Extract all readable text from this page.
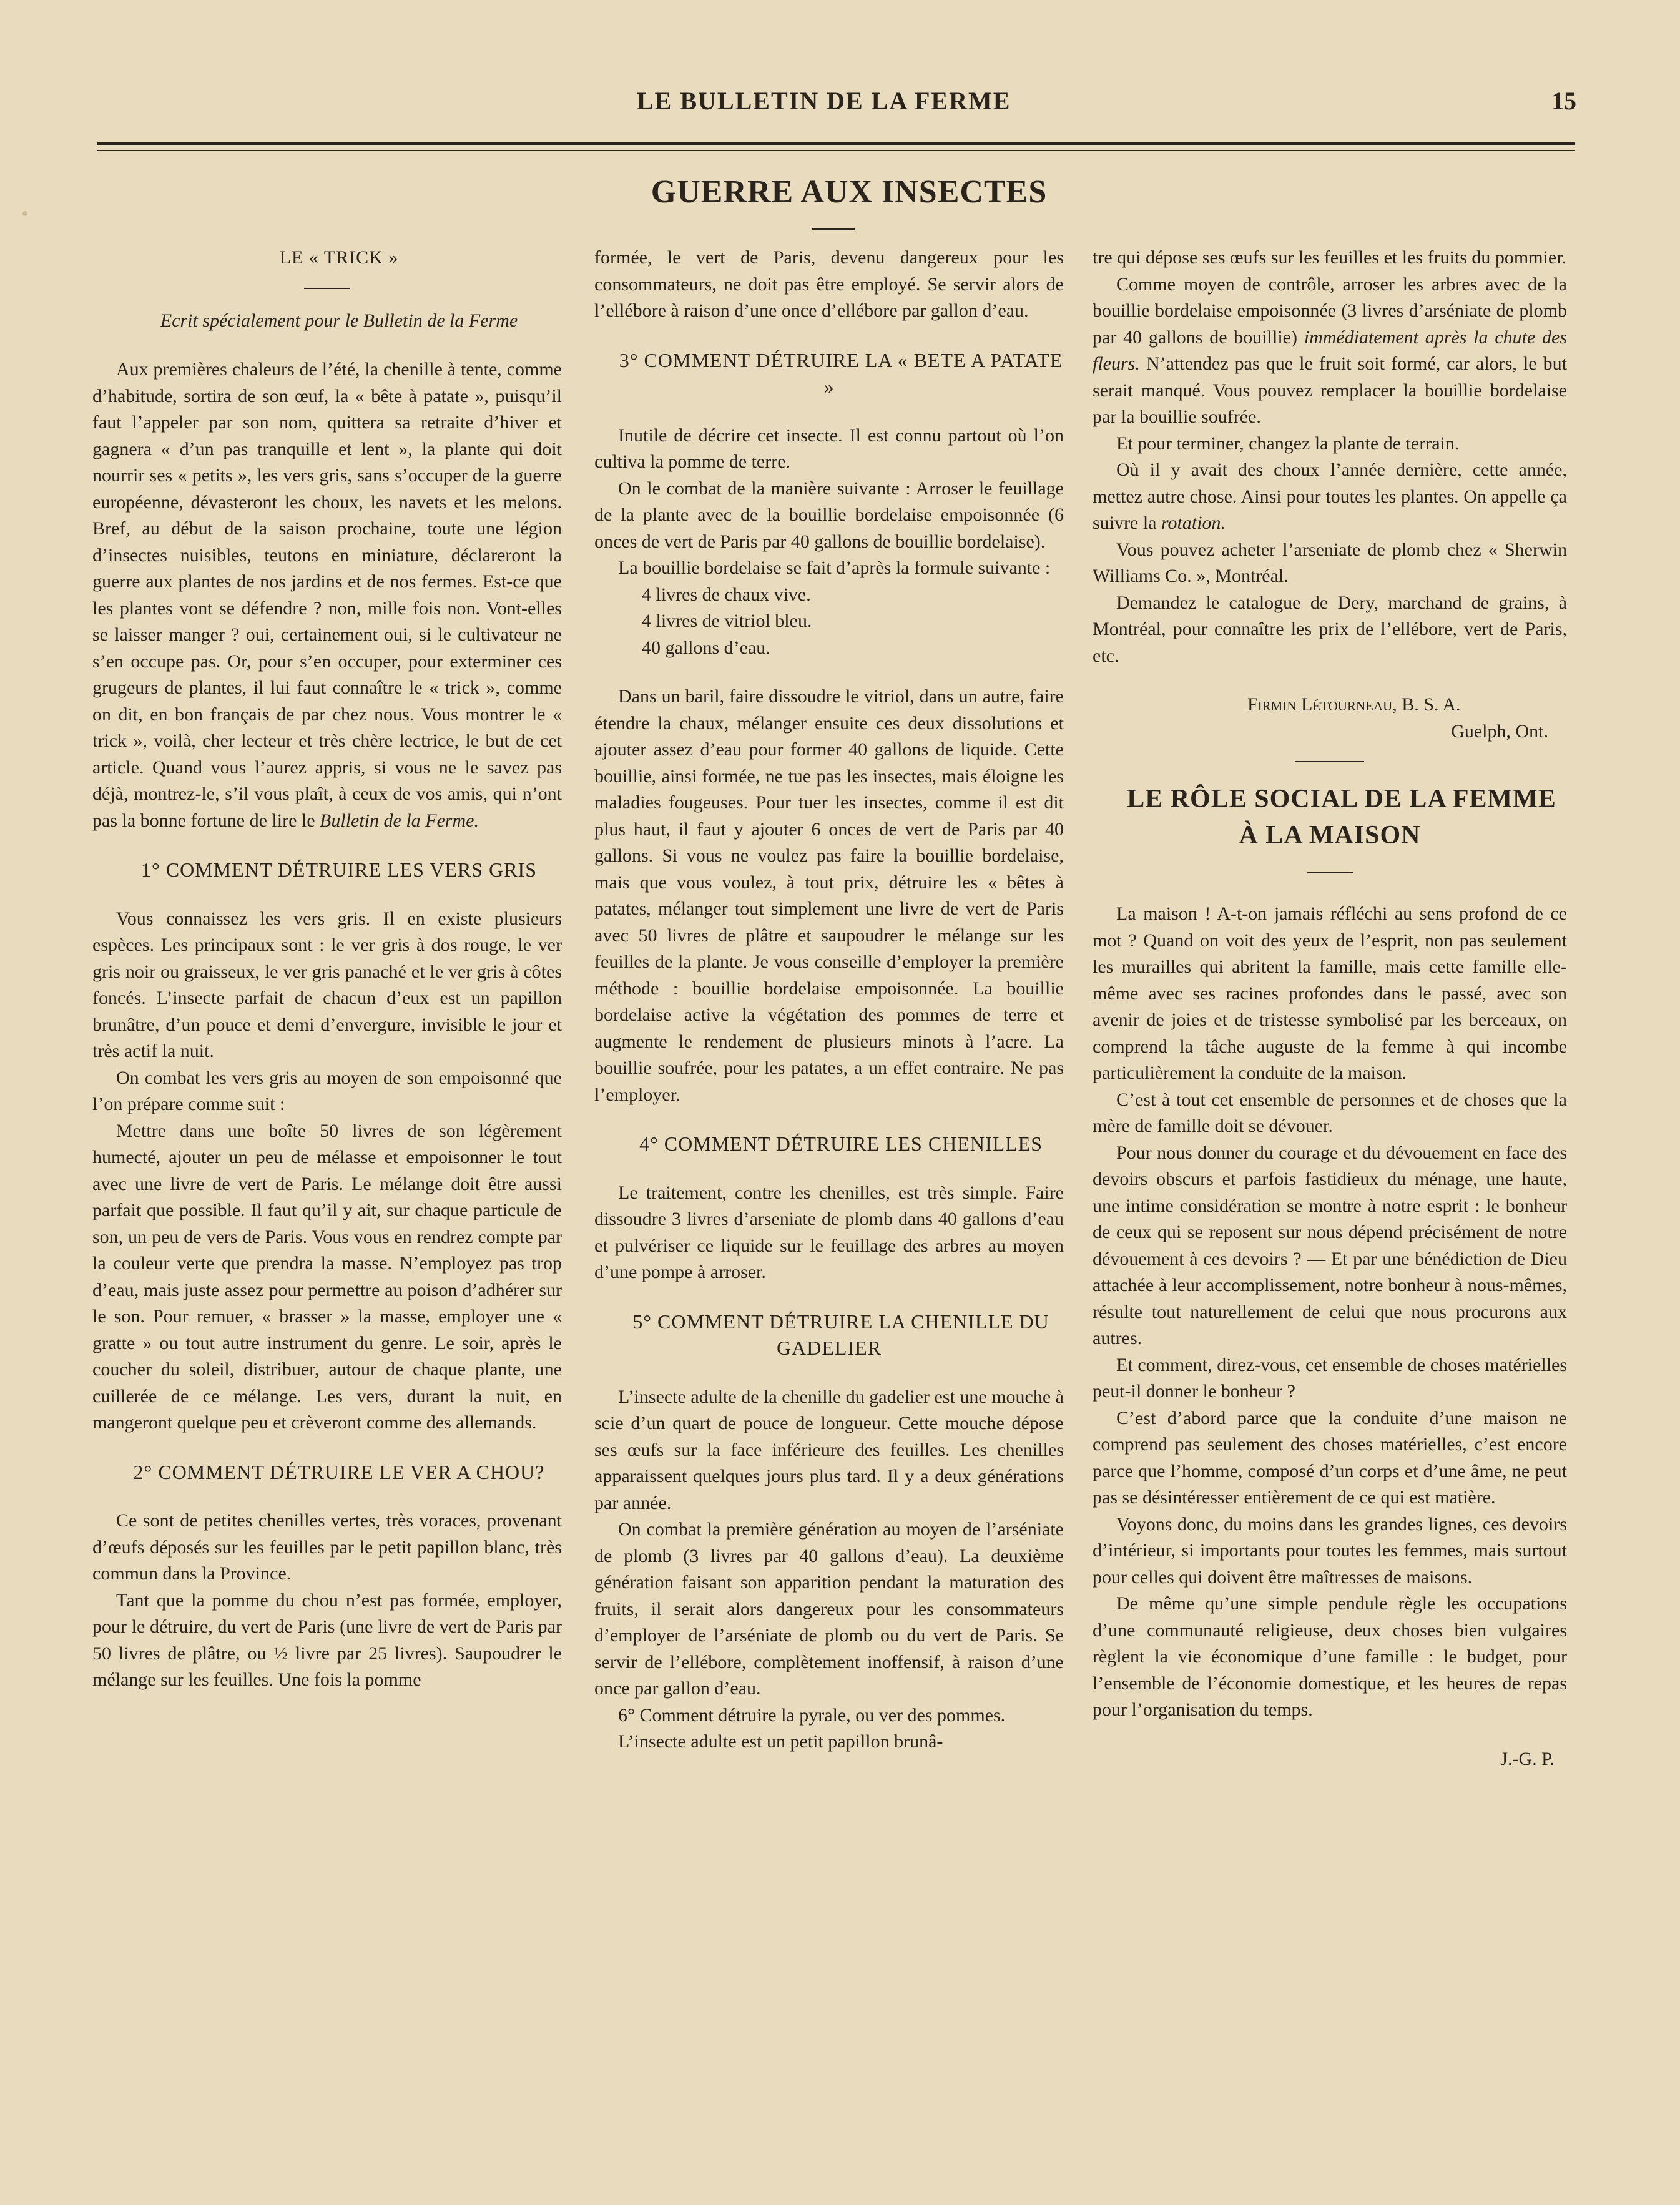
LE BULLETIN DE LA FERME	15
GUERRE AUX INSECTES

LE « TRICK »

Ecrit spécialement pour le Bulletin de la Ferme

Aux premières chaleurs de l’été, la chenille à tente, comme d’habitude, sortira de son œuf, la « bête à patate », puisqu’il faut l’appeler par son nom, quittera sa retraite d’hiver et gagnera « d’un pas tranquille et lent », la plante qui doit nourrir ses « petits », les vers gris, sans s’occuper de la guerre européenne, dévasteront les choux, les navets et les melons. Bref, au début de la saison prochaine, toute une légion d’insectes nuisibles, teutons en miniature, déclareront la guerre aux plantes de nos jardins et de nos fermes. Est-ce que les plantes vont se défendre ? non, mille fois non. Vont-elles se laisser manger ? oui, certainement oui, si le cultivateur ne s’en occupe pas. Or, pour s’en occuper, pour exterminer ces grugeurs de plantes, il lui faut connaître le « trick », comme on dit, en bon français de par chez nous. Vous montrer le « trick », voilà, cher lecteur et très chère lectrice, le but de cet article. Quand vous l’aurez appris, si vous ne le savez pas déjà, montrez-le, s’il vous plaît, à ceux de vos amis, qui n’ont pas la bonne fortune de lire le Bulletin de la Ferme.

1° COMMENT DÉTRUIRE LES VERS GRIS

Vous connaissez les vers gris. Il en existe plusieurs espèces. Les principaux sont : le ver gris à dos rouge, le ver gris noir ou graisseux, le ver gris panaché et le ver gris à côtes foncés. L’insecte parfait de chacun d’eux est un papillon brunâtre, d’un pouce et demi d’envergure, invisible le jour et très actif la nuit.

On combat les vers gris au moyen de son empoisonné que l’on prépare comme suit :

Mettre dans une boîte 50 livres de son légèrement humecté, ajouter un peu de mélasse et empoisonner le tout avec une livre de vert de Paris. Le mélange doit être aussi parfait que possible. Il faut qu’il y ait, sur chaque particule de son, un peu de vers de Paris. Vous vous en rendrez compte par la couleur verte que prendra la masse. N’employez pas trop d’eau, mais juste assez pour permettre au poison d’adhérer sur le son. Pour remuer, « brasser » la masse, employer une « gratte » ou tout autre instrument du genre. Le soir, après le coucher du soleil, distribuer, autour de chaque plante, une cuillerée de ce mélange. Les vers, durant la nuit, en mangeront quelque peu et crèveront comme des allemands.

2° COMMENT DÉTRUIRE LE VER A CHOU?

Ce sont de petites chenilles vertes, très voraces, provenant d’œufs déposés sur les feuilles par le petit papillon blanc, très commun dans la Province.

Tant que la pomme du chou n’est pas formée, employer, pour le détruire, du vert de Paris (une livre de vert de Paris par 50 livres de plâtre, ou ½ livre par 25 livres). Saupoudrer le mélange sur les feuilles. Une fois la pomme

formée, le vert de Paris, devenu dangereux pour les consommateurs, ne doit pas être employé. Se servir alors de l’ellébore à raison d’une once d’ellébore par gallon d’eau.

3° COMMENT DÉTRUIRE LA « BETE A PATATE »

Inutile de décrire cet insecte. Il est connu partout où l’on cultiva la pomme de terre.

On le combat de la manière suivante : Arroser le feuillage de la plante avec de la bouillie bordelaise empoisonnée (6 onces de vert de Paris par 40 gallons de bouillie bordelaise).

La bouillie bordelaise se fait d’après la formule suivante :

4 livres de chaux vive.

4 livres de vitriol bleu.

40 gallons d’eau.

Dans un baril, faire dissoudre le vitriol, dans un autre, faire étendre la chaux, mélanger ensuite ces deux dissolutions et ajouter assez d’eau pour former 40 gallons de liquide. Cette bouillie, ainsi formée, ne tue pas les insectes, mais éloigne les maladies fougeuses. Pour tuer les insectes, comme il est dit plus haut, il faut y ajouter 6 onces de vert de Paris par 40 gallons. Si vous ne voulez pas faire la bouillie bordelaise, mais que vous voulez, à tout prix, détruire les « bêtes à patates, mélanger tout simplement une livre de vert de Paris avec 50 livres de plâtre et saupoudrer le mélange sur les feuilles de la plante. Je vous conseille d’employer la première méthode : bouillie bordelaise empoisonnée. La bouillie bordelaise active la végétation des pommes de terre et augmente le rendement de plusieurs minots à l’acre. La bouillie soufrée, pour les patates, a un effet contraire. Ne pas l’employer.

4° COMMENT DÉTRUIRE LES CHENILLES

Le traitement, contre les chenilles, est très simple. Faire dissoudre 3 livres d’arseniate de plomb dans 40 gallons d’eau et pulvériser ce liquide sur le feuillage des arbres au moyen d’une pompe à arroser.

5° COMMENT DÉTRUIRE LA CHENILLE DU GADELIER

L’insecte adulte de la chenille du gadelier est une mouche à scie d’un quart de pouce de longueur. Cette mouche dépose ses œufs sur la face inférieure des feuilles. Les chenilles apparaissent quelques jours plus tard. Il y a deux générations par année.

On combat la première génération au moyen de l’arséniate de plomb (3 livres par 40 gallons d’eau). La deuxième génération faisant son apparition pendant la maturation des fruits, il serait alors dangereux pour les consommateurs d’employer de l’arséniate de plomb ou du vert de Paris. Se servir de l’ellébore, complètement inoffensif, à raison d’une once par gallon d’eau.

6° Comment détruire la pyrale, ou ver des pommes.

L’insecte adulte est un petit papillon brunâ-

tre qui dépose ses œufs sur les feuilles et les fruits du pommier.

Comme moyen de contrôle, arroser les arbres avec de la bouillie bordelaise empoisonnée (3 livres d’arséniate de plomb par 40 gallons de bouillie) immédiatement après la chute des fleurs. N’attendez pas que le fruit soit formé, car alors, le but serait manqué. Vous pouvez remplacer la bouillie bordelaise par la bouillie soufrée.

Et pour terminer, changez la plante de terrain.

Où il y avait des choux l’année dernière, cette année, mettez autre chose. Ainsi pour toutes les plantes. On appelle ça suivre la rotation.

Vous pouvez acheter l’arseniate de plomb chez « Sherwin Williams Co. », Montréal.

Demandez le catalogue de Dery, marchand de grains, à Montréal, pour connaître les prix de l’ellébore, vert de Paris, etc.

Firmin Létourneau, B. S. A.

Guelph, Ont.

LE RÔLE SOCIAL DE LA FEMME
À LA MAISON

La maison ! A-t-on jamais réfléchi au sens profond de ce mot ? Quand on voit des yeux de l’esprit, non pas seulement les murailles qui abritent la famille, mais cette famille elle-même avec ses racines profondes dans le passé, avec son avenir de joies et de tristesse symbolisé par les berceaux, on comprend la tâche auguste de la femme à qui incombe particulièrement la conduite de la maison.

C’est à tout cet ensemble de personnes et de choses que la mère de famille doit se dévouer.

Pour nous donner du courage et du dévouement en face des devoirs obscurs et parfois fastidieux du ménage, une haute, une intime considération se montre à notre esprit : le bonheur de ceux qui se reposent sur nous dépend précisément de notre dévouement à ces devoirs ? — Et par une bénédiction de Dieu attachée à leur accomplissement, notre bonheur à nous-mêmes, résulte tout naturellement de celui que nous procurons aux autres.

Et comment, direz-vous, cet ensemble de choses matérielles peut-il donner le bonheur ?

C’est d’abord parce que la conduite d’une maison ne comprend pas seulement des choses matérielles, c’est encore parce que l’homme, composé d’un corps et d’une âme, ne peut pas se désintéresser entièrement de ce qui est matière.

Voyons donc, du moins dans les grandes lignes, ces devoirs d’intérieur, si importants pour toutes les femmes, mais surtout pour celles qui doivent être maîtresses de maisons.

De même qu’une simple pendule règle les occupations d’une communauté religieuse, deux choses bien vulgaires règlent la vie économique d’une famille : le budget, pour l’ensemble de l’économie domestique, et les heures de repas pour l’organisation du temps.

J.-G. P.
